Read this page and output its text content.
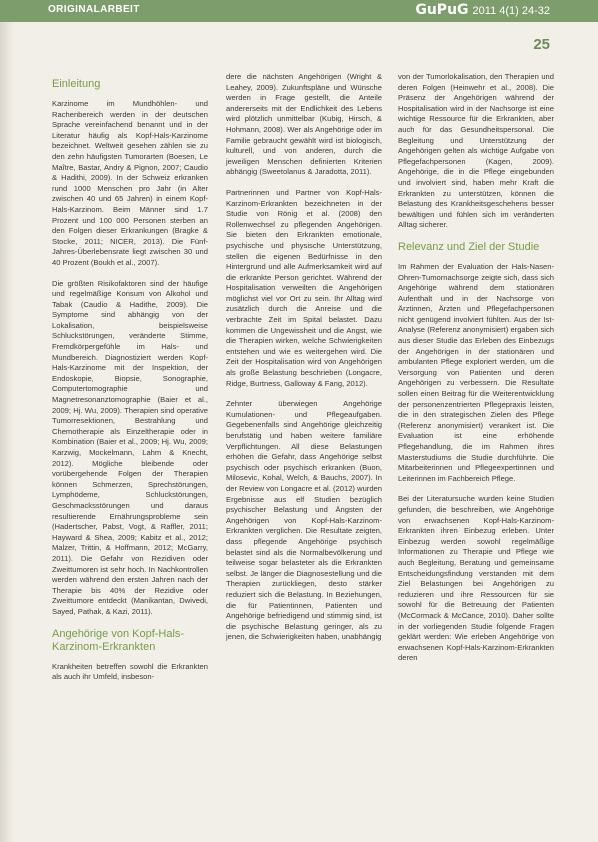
ORIGINALARBEIT	GuPuG 2011 4(1) 24-32
25
Einleitung

Karzinome im Mundhöhlen- und Rachenbereich werden in der deutschen Sprache vereinfachend benannt und in der Literatur häufig als Kopf-Hals-Karzinome bezeichnet. Weltweit gesehen zählen sie zu den zehn häufigsten Tumorarten (Boesen, Le Maître, Bastar, Andry & Pignon, 2007; Caudio & Hadithi, 2009). In der Schweiz erkranken rund 1000 Menschen pro Jahr (in Alter zwischen 40 und 65 Jahren) in einem Kopf-Hals-Karzinom. Beim Männer sind 1.7 Prozent und 100 000 Personen sterben an den Folgen dieser Erkrankungen (Bragke & Stocke, 2011; NICER, 2013). Die Fünf-Jahres-Überlebensrate liegt zwischen 30 und 40 Prozent (Boukh et al., 2007).

Die größten Risikofaktoren sind der häufige und regelmäßige Konsum von Alkohol und Tabak (Caudio & Hadithe, 2009). Die Symptome sind abhängig von der Lokalisation, beispielsweise Schluckstörungen, veränderte Stimme, Fremdkörpergefühle im Hals- und Mundbereich. Diagnostiziert werden Kopf-Hals-Karzinome mit der Inspektion, der Endoskopie, Biopsie, Sonographie, Computertomographie und Magnetresonanztomographie (Baier et al., 2009; Hj. Wu, 2009). Therapien sind operative Tumorresektionen, Bestrahlung und Chemotherapie als Einzeltherapie oder in Kombination (Baier et al., 2009; Hj. Wu, 2009; Karzwig, Mockelmann, Lahm & Knecht, 2012). Mögliche bleibende oder vorübergehende Folgen der Therapien können Schmerzen, Sprechstörungen, Lymphödeme, Schluckstörungen, Geschmacksstörungen und daraus resultierende Ernährungsprobleme sein (Hadertscher, Pabst, Vogt, & Raffler, 2011; Hayward & Shea, 2009; Kabitz et al., 2012; Malzer, Trittin, & Hoffmann, 2012; McGarry, 2011). Die Gefahr von Rezidiven oder Zweittumoren ist sehr hoch. In Nachkontrollen werden während den ersten Jahren nach der Therapie bis 40% der Rezidive oder Zweittumore entdeckt (Manikantan, Dwivedi, Sayed, Pathak, & Kazi, 2011).

Angehörige von Kopf-Hals-Karzinom-Erkrankten

Krankheiten betreffen sowohl die Erkrankten als auch ihr Umfeld, insbeson-

dere die nächsten Angehörigen (Wright & Leahey, 2009). Zukunftspläne und Wünsche werden in Frage gestellt, die Anteile andererseits mit der Endlichkeit des Lebens wird plötzlich unmittelbar (Kubig, Hirsch, & Hohmann, 2008). Wer als Angehörige oder im Familie gebraucht gewählt wird ist biologisch, kulturell, und von anderen, durch die jeweiligen Menschen definierten Kriterien abhängig (Sweetolanus & Jaradotta, 2011).

Partnerinnen und Partner von Kopf-Hals-Karzinom-Erkrankten bezeichneten in der Studie von Rönig et al. (2008) den Rollenwechsel zu pflegenden Angehörigen. Sie bieten den Erkrankten emotionale, psychische und physische Unterstützung, stellen die eigenen Bedürfnisse in den Hintergrund und alle Aufmerksamkeit wird auf die erkrankte Person gerichtet. Während der Hospitalisation verweilten die Angehörigen möglichst viel vor Ort zu sein. Ihr Alltag wird zusätzlich durch die Anreise und die verbrachte Zeit im Spital belastet. Dazu kommen die Ungewissheit und die Angst, wie die Therapien wirken, welche Schwierigkeiten entstehen und wie es weitergehen wird. Die Zeit der Hospitalisation wird von Angehörigen als große Belastung beschrieben (Longacre, Ridge, Burtness, Galloway & Fang, 2012).

Zehnter überwiegen Angehörige Kumulationen- und Pflegeaufgaben. Gegebenenfalls sind Angehörige gleichzeitig berufstätig und haben weitere familiäre Verpflichtungen. All diese Belastungen erhöhen die Gefahr, dass Angehörige selbst psychisch oder psychisch erkranken (Buon, Milosevic, Kohal, Welch, & Bauchs, 2007). In der Review von Longacre et al. (2012) wurden Ergebnisse aus elf Studien bezüglich psychischer Belastung und Ängsten der Angehörigen von Kopf-Hals-Karzinom-Erkrankten verglichen. Die Resultate zeigten, dass pflegende Angehörige psychisch belastet sind als die Normalbevölkerung und teilweise sogar belasteter als die Erkrankten selbst. Je länger die Diagnosestellung und die Therapien zurückliegen, desto stärker reduziert sich die Belastung. In Beziehungen, die für Patientinnen, Patienten und Angehörige befriedigend und stimmig sind, ist die psychische Belastung geringer, als zu jenen, die Schwierigkeiten haben, unabhängig

von der Tumorlokalisation, den Therapien und deren Folgen (Heinwehr et al., 2008). Die Präsenz der Angehörigen während der Hospitalisation wird in der Nachsorge ist eine wichtige Ressource für die Erkrankten, aber auch für das Gesundheitspersonal. Die Begleitung und Unterstützung der Angehörigen gelten als wichtige Aufgabe von Pflegefachpersonen (Kagen, 2009). Angehörige, die in die Pflege eingebunden und involviert sind, haben mehr Kraft die Erkrankten zu unterstützen, können die Belastung des Krankheitsgeschehens besser bewältigen und fühlen sich im veränderten Alltag sicherer.

Relevanz und Ziel der Studie

Im Rahmen der Evaluation der Hals-Nasen-Ohren-Tumornachsorge zeigte sich, dass sich Angehörige während dem stationären Aufenthalt und in der Nachsorge von Ärztinnen, Ärzten und Pflegefachpersonen nicht genügend involviert fühlten. Aus der Ist-Analyse (Referenz anonymisiert) ergaben sich aus dieser Studie das Erleben des Einbezugs der Angehörigen in der stationären und ambulanten Pflege exploriert werden, um die Versorgung von Patienten und deren Angehörigen zu verbessern. Die Resultate sollen einen Beitrag für die Weiterentwicklung der personenzentrierten Pflegepraxis leisten, die in den strategischen Zielen des Pflege (Referenz anonymisiert) verankert ist. Die Evaluation ist eine erhöhende Pflegehandlung, die im Rahmen ihres Masterstudiums die Studie durchführte. Die Mitarbeiterinnen und Pflegeexpertinnen und Leiterinnen im Fachbereich Pflege.

Bei der Literatursuche wurden keine Studien gefunden, die beschreiben, wie Angehörige von erwachsenen Kopf-Hals-Karzinom-Erkrankten ihren Einbezug erleben. Unter Einbezug werden sowohl regelmäßige Informationen zu Therapie und Pflege wie auch Begleitung, Beratung und gemeinsame Entscheidungsfindung verstanden mit dem Ziel Belastungen bei Angehörigen zu reduzieren und ihre Ressourcen für sie sowohl für die Betreuung der Patienten (McCormack & McCance, 2010). Daher sollte in der vorliegenden Studie folgende Fragen geklärt werden: Wie erleben Angehörige von erwachsenen Kopf-Hals-Karzinom-Erkrankten deren
